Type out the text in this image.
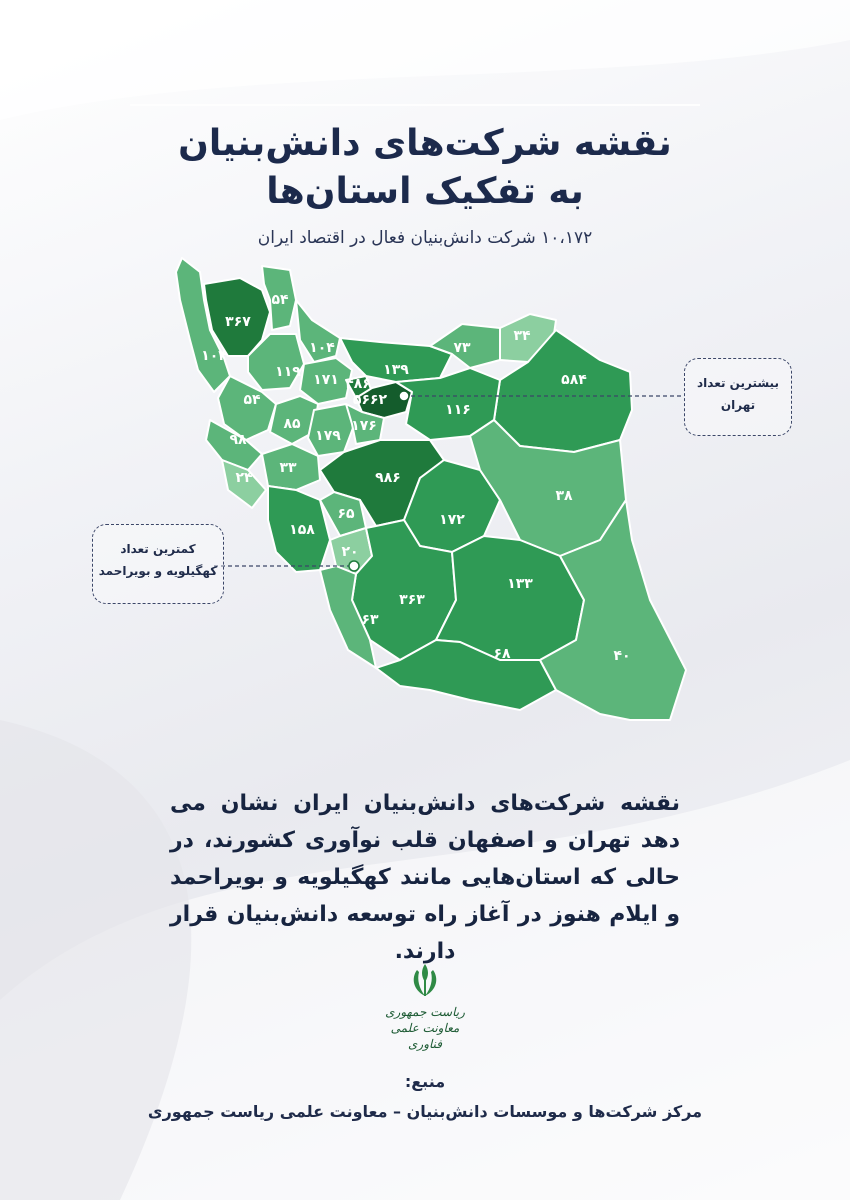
نقشه شرکت‌های دانش‌بنیان
به تفکیک استان‌ها
۱۰،۱۷۲ شرکت دانش‌بنیان فعال در اقتصاد ایران
۱۰۴
۳۶۷
۵۴
۱۱۹
۱۰۴
۵۴
۱۷۱ ۴۸۶
۵۶۶۲
۱۳۹
۷۳
۳۴
۵۸۴
۱۱۶
۸۵
۱۷۹
۱۷۶
۹۸
۲۴
۳۳
۹۸۶
۱۵۸
۶۵
۲۰
۱۷۲
۳۸
۳۶۳
۶۳
۱۳۳
۶۸	۴۰
بیشترین تعداد
تهران
کمترین تعداد
کهگیلویه و بویراحمد
نقشه شرکت‌های دانش‌بنیان ایران نشان می دهد تهران و اصفهان قلب نوآوری کشورند، در حالی که استان‌هایی مانند کهگیلویه و بویراحمد و ایلام هنوز در آغاز راه توسعه دانش‌بنیان قرار دارند.
ریاست جمهوری
معاونت علمی فناوری
منبع:
مرکز شرکت‌ها و موسسات دانش‌بنیان – معاونت علمی ریاست جمهوری
